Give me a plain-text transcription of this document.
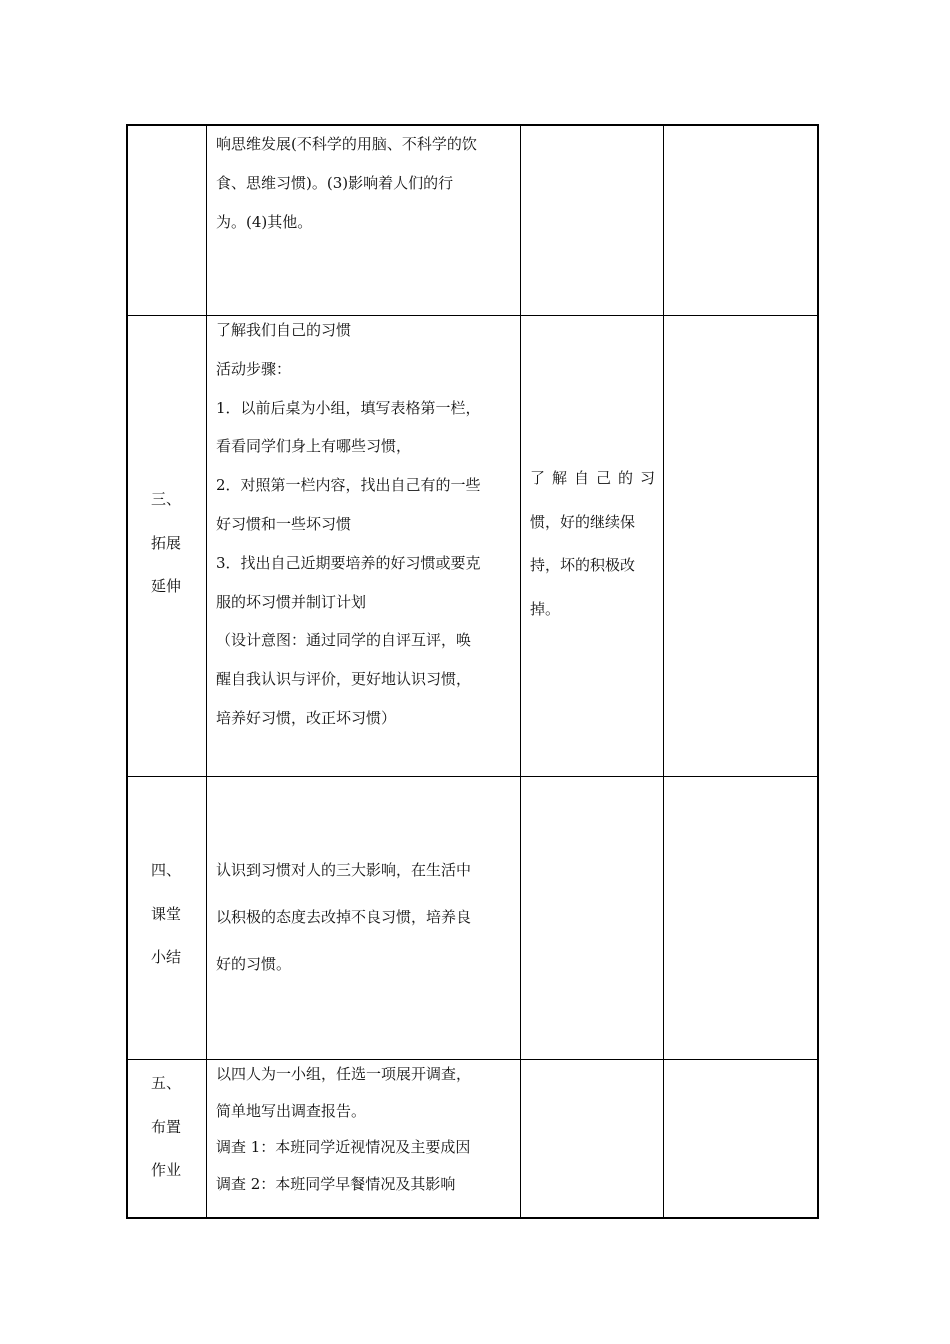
响思维发展(不科学的用脑、不科学的饮
食、思维习惯)。(3)影响着人们的行
为。(4)其他。
三、
拓展
延伸
了解我们自己的习惯
活动步骤：
1．以前后桌为小组，填写表格第一栏，
看看同学们身上有哪些习惯，
2．对照第一栏内容，找出自己有的一些
好习惯和一些坏习惯
3．找出自己近期要培养的好习惯或要克
服的坏习惯并制订计划
（设计意图：通过同学的自评互评，唤
醒自我认识与评价，更好地认识习惯，
培养好习惯，改正坏习惯）
了解自己的习
惯，好的继续保
持，坏的积极改
掉。
四、
课堂
小结
认识到习惯对人的三大影响，在生活中
以积极的态度去改掉不良习惯，培养良
好的习惯。
五、
布置
作业
以四人为一小组，任选一项展开调查，
简单地写出调查报告。
调查 1：本班同学近视情况及主要成因
调查 2：本班同学早餐情况及其影响
